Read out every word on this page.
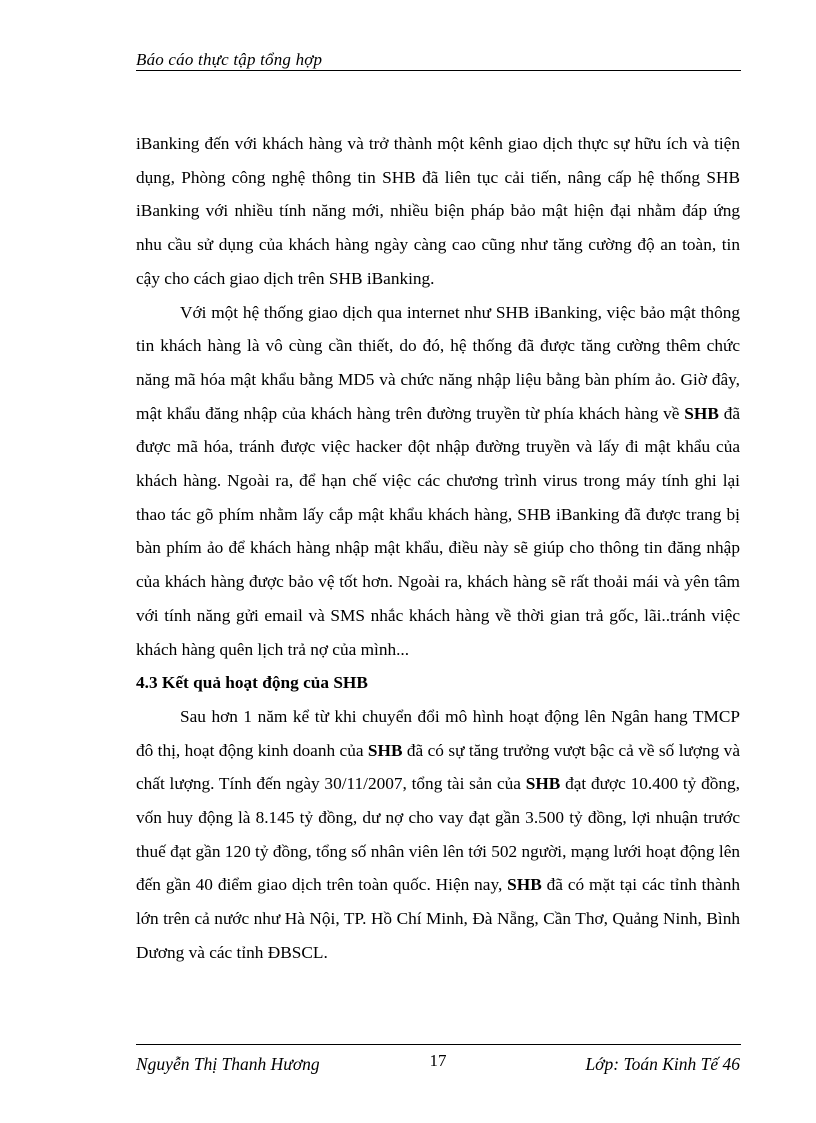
Báo cáo thực tập tổng hợp

iBanking đến với khách hàng và trở thành một kênh giao dịch thực sự hữu ích và tiện dụng, Phòng công nghệ thông tin SHB đã liên tục cải tiến, nâng cấp hệ thống SHB iBanking với nhiều tính năng mới, nhiều biện pháp bảo mật hiện đại nhằm đáp ứng nhu cầu sử dụng của khách hàng ngày càng cao cũng như tăng cường độ an toàn, tin cậy cho cách giao dịch trên SHB iBanking.

Với một hệ thống giao dịch qua internet như SHB iBanking, việc bảo mật thông tin khách hàng là vô cùng cần thiết, do đó, hệ thống đã được tăng cường thêm chức năng mã hóa mật khẩu bằng MD5 và chức năng nhập liệu bằng bàn phím ảo. Giờ đây, mật khẩu đăng nhập của khách hàng trên đường truyền từ phía khách hàng về SHB đã được mã hóa, tránh được việc hacker đột nhập đường truyền và lấy đi mật khẩu của khách hàng. Ngoài ra, để hạn chế việc các chương trình virus trong máy tính ghi lại thao tác gõ phím nhằm lấy cắp mật khẩu khách hàng, SHB iBanking đã được trang bị bàn phím ảo để khách hàng nhập mật khẩu, điều này sẽ giúp cho thông tin đăng nhập của khách hàng được bảo vệ tốt hơn. Ngoài ra, khách hàng sẽ rất thoải mái và yên tâm với tính năng gửi email và SMS nhắc khách hàng về thời gian trả gốc, lãi..tránh việc khách hàng quên lịch trả nợ của mình...

4.3 Kết quả hoạt động của SHB

Sau hơn 1 năm kể từ khi chuyển đổi mô hình hoạt động lên Ngân hang TMCP đô thị, hoạt động kinh doanh của SHB đã có sự tăng trưởng vượt bậc cả về số lượng và chất lượng. Tính đến ngày 30/11/2007, tổng tài sản của SHB đạt được 10.400 tỷ đồng, vốn huy động là 8.145 tỷ đồng, dư nợ cho vay đạt gần 3.500 tỷ đồng, lợi nhuận trước thuế đạt gần 120 tỷ đồng, tổng số nhân viên lên tới 502 người, mạng lưới hoạt động lên đến gần 40 điểm giao dịch trên toàn quốc. Hiện nay, SHB đã có mặt tại các tỉnh thành lớn trên cả nước như Hà Nội, TP. Hồ Chí Minh, Đà Nẵng, Cần Thơ, Quảng Ninh, Bình Dương và các tỉnh ĐBSCL.

Nguyễn Thị Thanh Hương	17	Lớp: Toán Kinh Tế 46
